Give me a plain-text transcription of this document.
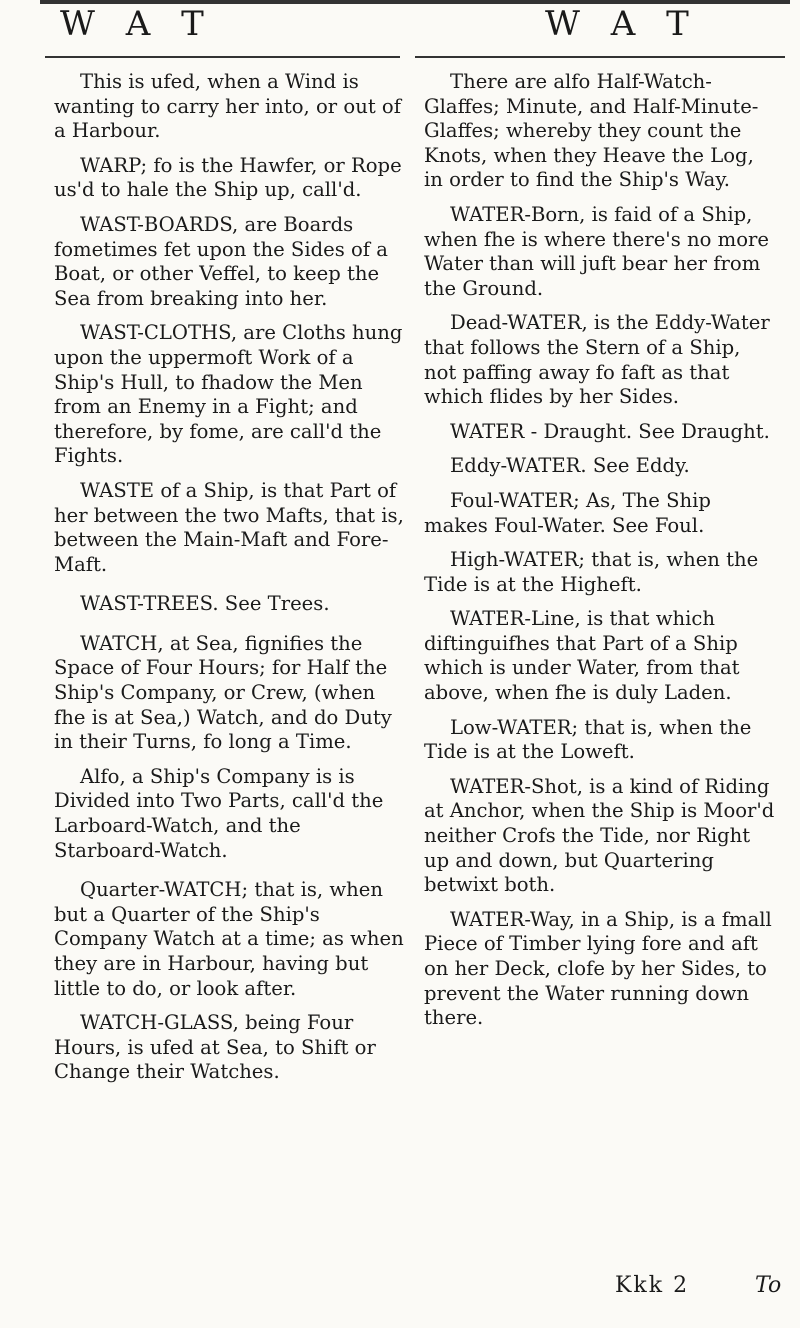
W A T	W A T

This is ufed, when a Wind is wanting to carry her into, or out of a Harbour.

WARP; fo is the Hawfer, or Rope us'd to hale the Ship up, call'd.

WAST-BOARDS, are Boards fometimes fet upon the Sides of a Boat, or other Veffel, to keep the Sea from breaking into her.

WAST-CLOTHS, are Cloths hung upon the uppermoft Work of a Ship's Hull, to fhadow the Men from an Enemy in a Fight; and therefore, by fome, are call'd the Fights.

WASTE of a Ship, is that Part of her between the two Mafts, that is, between the Main-Maft and Fore-Maft.

WAST-TREES. See Trees.

WATCH, at Sea, fignifies the Space of Four Hours; for Half the Ship's Company, or Crew, (when fhe is at Sea,) Watch, and do Duty in their Turns, fo long a Time.

Alfo, a Ship's Company is is Divided into Two Parts, call'd the Larboard-Watch, and the Starboard-Watch.

Quarter-WATCH; that is, when but a Quarter of the Ship's Company Watch at a time; as when they are in Harbour, having but little to do, or look after.

WATCH-GLASS, being Four Hours, is ufed at Sea, to Shift or Change their Watches.

There are alfo Half-Watch-Glaffes; Minute, and Half-Minute-Glaffes; whereby they count the Knots, when they Heave the Log, in order to find the Ship's Way.

WATER-Born, is faid of a Ship, when fhe is where there's no more Water than will juft bear her from the Ground.

Dead-WATER, is the Eddy-Water that follows the Stern of a Ship, not paffing away fo faft as that which flides by her Sides.

WATER - Draught. See Draught.

Eddy-WATER. See Eddy.

Foul-WATER; As, The Ship makes Foul-Water. See Foul.

High-WATER; that is, when the Tide is at the Higheft.

WATER-Line, is that which diftinguifhes that Part of a Ship which is under Water, from that above, when fhe is duly Laden.

Low-WATER; that is, when the Tide is at the Loweft.

WATER-Shot, is a kind of Riding at Anchor, when the Ship is Moor'd neither Crofs the Tide, nor Right up and down, but Quartering betwixt both.

WATER-Way, in a Ship, is a fmall Piece of Timber lying fore and aft on her Deck, clofe by her Sides, to prevent the Water running down there.

Kkk 2	To
